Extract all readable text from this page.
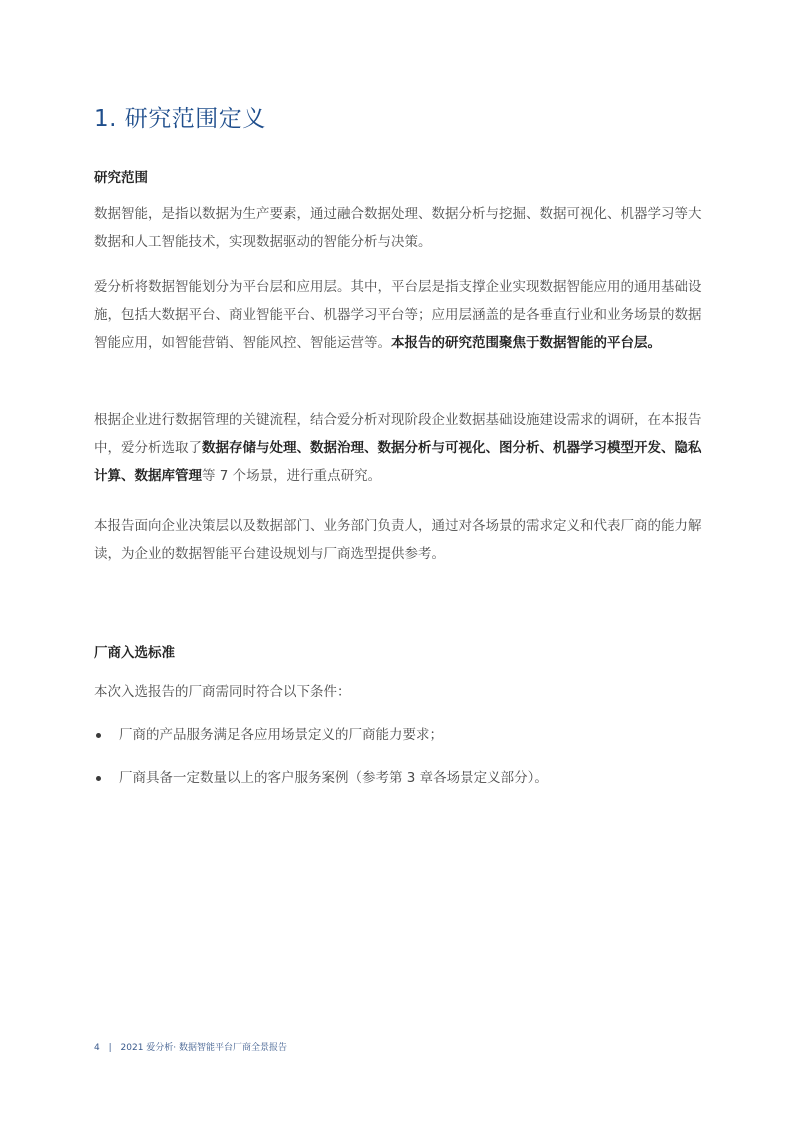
1. 研究范围定义
研究范围

数据智能，是指以数据为生产要素，通过融合数据处理、数据分析与挖掘、数据可视化、机器学习等大数据和人工智能技术，实现数据驱动的智能分析与决策。

爱分析将数据智能划分为平台层和应用层。其中，平台层是指支撑企业实现数据智能应用的通用基础设施，包括大数据平台、商业智能平台、机器学习平台等；应用层涵盖的是各垂直行业和业务场景的数据智能应用，如智能营销、智能风控、智能运营等。本报告的研究范围聚焦于数据智能的平台层。

根据企业进行数据管理的关键流程，结合爱分析对现阶段企业数据基础设施建设需求的调研，在本报告中，爱分析选取了数据存储与处理、数据治理、数据分析与可视化、图分析、机器学习模型开发、隐私计算、数据库管理等 7 个场景，进行重点研究。

本报告面向企业决策层以及数据部门、业务部门负责人，通过对各场景的需求定义和代表厂商的能力解读，为企业的数据智能平台建设规划与厂商选型提供参考。

厂商入选标准

本次入选报告的厂商需同时符合以下条件：

厂商的产品服务满足各应用场景定义的厂商能力要求；
厂商具备一定数量以上的客户服务案例（参考第 3 章各场景定义部分）。
4 | 2021 爱分析· 数据智能平台厂商全景报告
